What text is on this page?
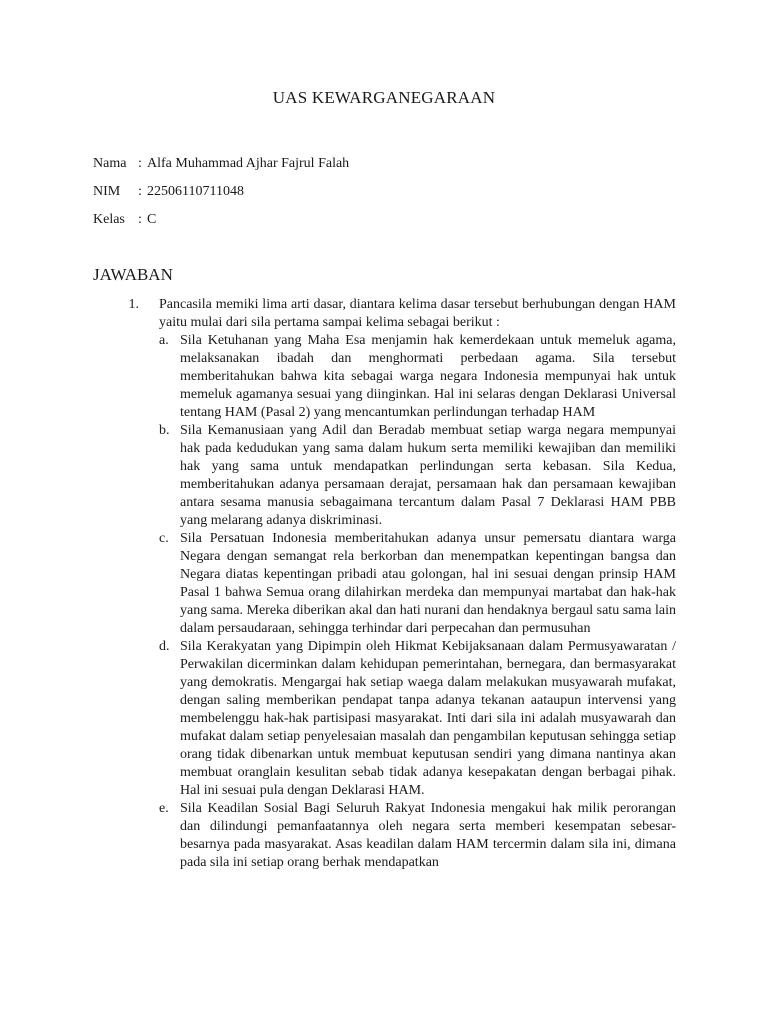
UAS KEWARGANEGARAAN
Nama : Alfa Muhammad Ajhar Fajrul Falah
NIM	: 22506110711048
Kelas : C
JAWABAN
1. Pancasila memiki lima arti dasar, diantara kelima dasar tersebut berhubungan dengan HAM yaitu mulai dari sila pertama sampai kelima sebagai berikut :
a. Sila Ketuhanan yang Maha Esa menjamin hak kemerdekaan untuk memeluk agama, melaksanakan ibadah dan menghormati perbedaan agama. Sila tersebut memberitahukan bahwa kita sebagai warga negara Indonesia mempunyai hak untuk memeluk agamanya sesuai yang diinginkan. Hal ini selaras dengan Deklarasi Universal tentang HAM (Pasal 2) yang mencantumkan perlindungan terhadap HAM
b. Sila Kemanusiaan yang Adil dan Beradab membuat setiap warga negara mempunyai hak pada kedudukan yang sama dalam hukum serta memiliki kewajiban dan memiliki hak yang sama untuk mendapatkan perlindungan serta kebasan. Sila Kedua, memberitahukan adanya persamaan derajat, persamaan hak dan persamaan kewajiban antara sesama manusia sebagaimana tercantum dalam Pasal 7 Deklarasi HAM PBB yang melarang adanya diskriminasi.
c. Sila Persatuan Indonesia memberitahukan adanya unsur pemersatu diantara warga Negara dengan semangat rela berkorban dan menempatkan kepentingan bangsa dan Negara diatas kepentingan pribadi atau golongan, hal ini sesuai dengan prinsip HAM Pasal 1 bahwa Semua orang dilahirkan merdeka dan mempunyai martabat dan hak-hak yang sama. Mereka diberikan akal dan hati nurani dan hendaknya bergaul satu sama lain dalam persaudaraan, sehingga terhindar dari perpecahan dan permusuhan
d. Sila Kerakyatan yang Dipimpin oleh Hikmat Kebijaksanaan dalam Permusyawaratan / Perwakilan dicerminkan dalam kehidupan pemerintahan, bernegara, dan bermasyarakat yang demokratis. Mengargai hak setiap waega dalam melakukan musyawarah mufakat, dengan saling memberikan pendapat tanpa adanya tekanan aataupun intervensi yang membelenggu hak-hak partisipasi masyarakat. Inti dari sila ini adalah musyawarah dan mufakat dalam setiap penyelesaian masalah dan pengambilan keputusan sehingga setiap orang tidak dibenarkan untuk membuat keputusan sendiri yang dimana nantinya akan membuat oranglain kesulitan sebab tidak adanya kesepakatan dengan berbagai pihak. Hal ini sesuai pula dengan Deklarasi HAM.
e. Sila Keadilan Sosial Bagi Seluruh Rakyat Indonesia mengakui hak milik perorangan dan dilindungi pemanfaatannya oleh negara serta memberi kesempatan sebesar-besarnya pada masyarakat. Asas keadilan dalam HAM tercermin dalam sila ini, dimana pada sila ini setiap orang berhak mendapatkan
